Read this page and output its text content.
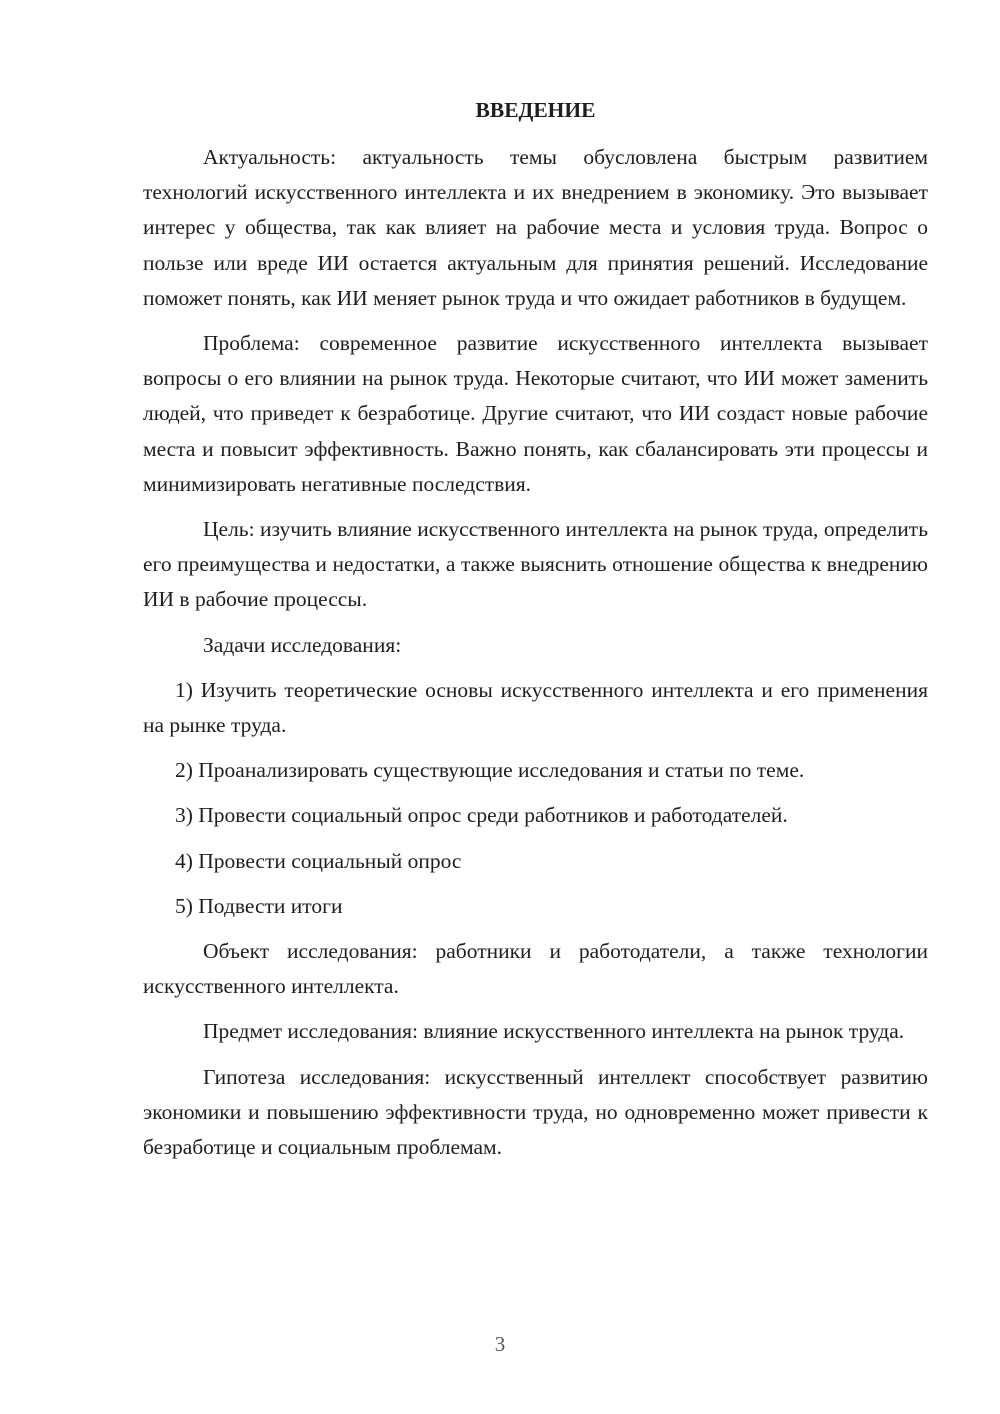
ВВЕДЕНИЕ

Актуальность: актуальность темы обусловлена быстрым развитием технологий искусственного интеллекта и их внедрением в экономику. Это вызывает интерес у общества, так как влияет на рабочие места и условия труда. Вопрос о пользе или вреде ИИ остается актуальным для принятия решений. Исследование поможет понять, как ИИ меняет рынок труда и что ожидает работников в будущем.

Проблема: современное развитие искусственного интеллекта вызывает вопросы о его влиянии на рынок труда. Некоторые считают, что ИИ может заменить людей, что приведет к безработице. Другие считают, что ИИ создаст новые рабочие места и повысит эффективность. Важно понять, как сбалансировать эти процессы и минимизировать негативные последствия.

Цель: изучить влияние искусственного интеллекта на рынок труда, определить его преимущества и недостатки, а также выяснить отношение общества к внедрению ИИ в рабочие процессы.

Задачи исследования:

1) Изучить теоретические основы искусственного интеллекта и его применения на рынке труда.

2) Проанализировать существующие исследования и статьи по теме.

3) Провести социальный опрос среди работников и работодателей.

4) Провести социальный опрос

5) Подвести итоги

Объект исследования: работники и работодатели, а также технологии искусственного интеллекта.

Предмет исследования: влияние искусственного интеллекта на рынок труда.

Гипотеза исследования: искусственный интеллект способствует развитию экономики и повышению эффективности труда, но одновременно может привести к безработице и социальным проблемам.

3
